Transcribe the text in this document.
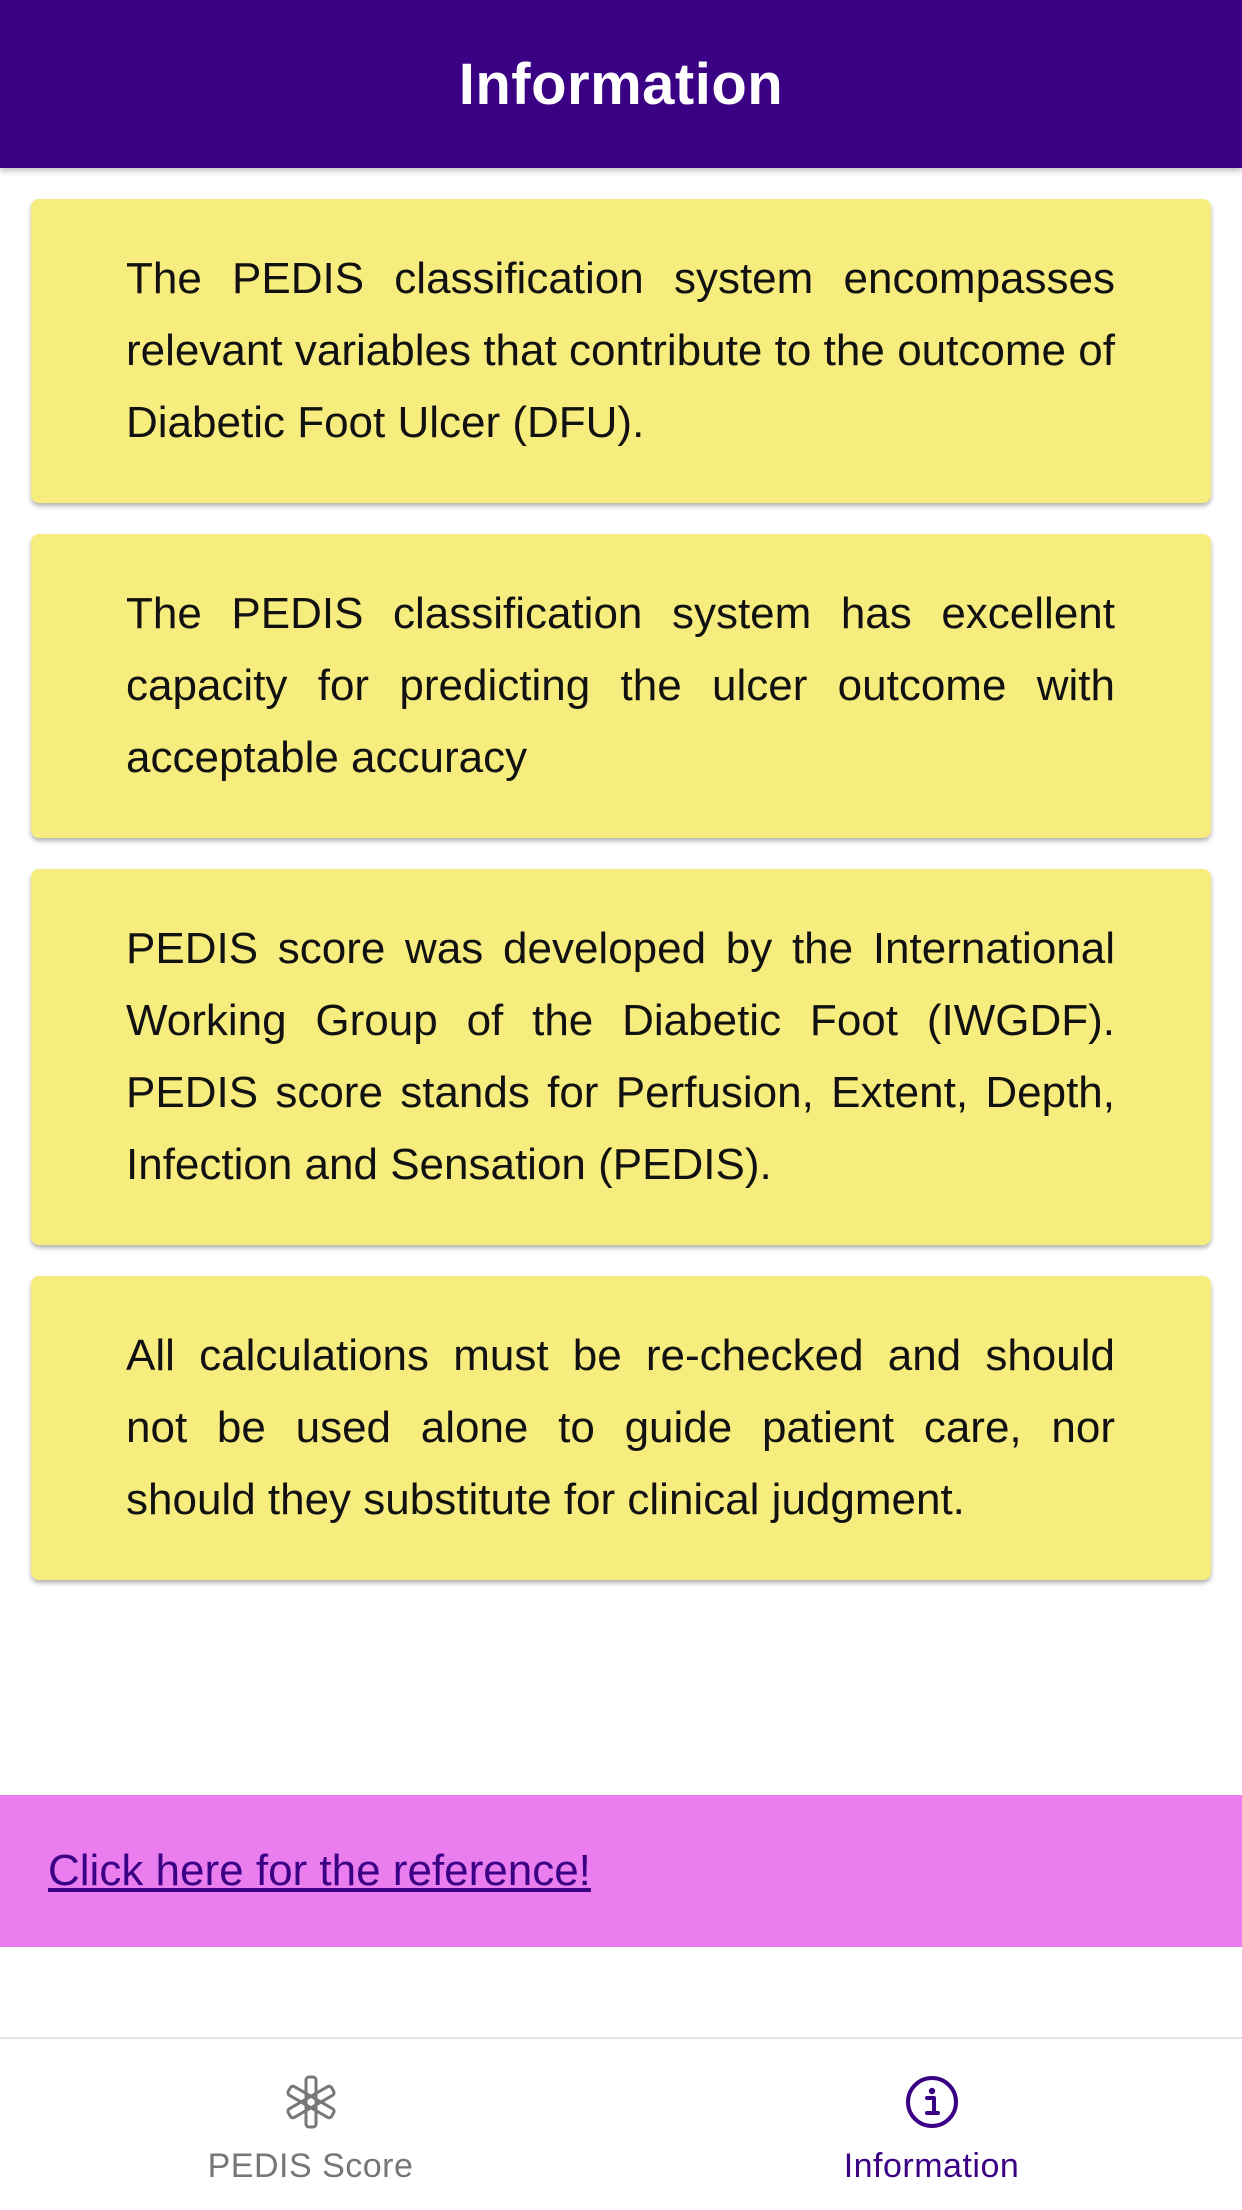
Information

The PEDIS classification system encompasses relevant variables that contribute to the outcome of Diabetic Foot Ulcer (DFU).

The PEDIS classification system has excellent capacity for predicting the ulcer outcome with acceptable accuracy

PEDIS score was developed by the International Working Group of the Diabetic Foot (IWGDF). PEDIS score stands for Perfusion, Extent, Depth, Infection and Sensation (PEDIS).

All calculations must be re-checked and should not be used alone to guide patient care, nor should they substitute for clinical judgment.

Click here for the reference!
PEDIS Score	Information
